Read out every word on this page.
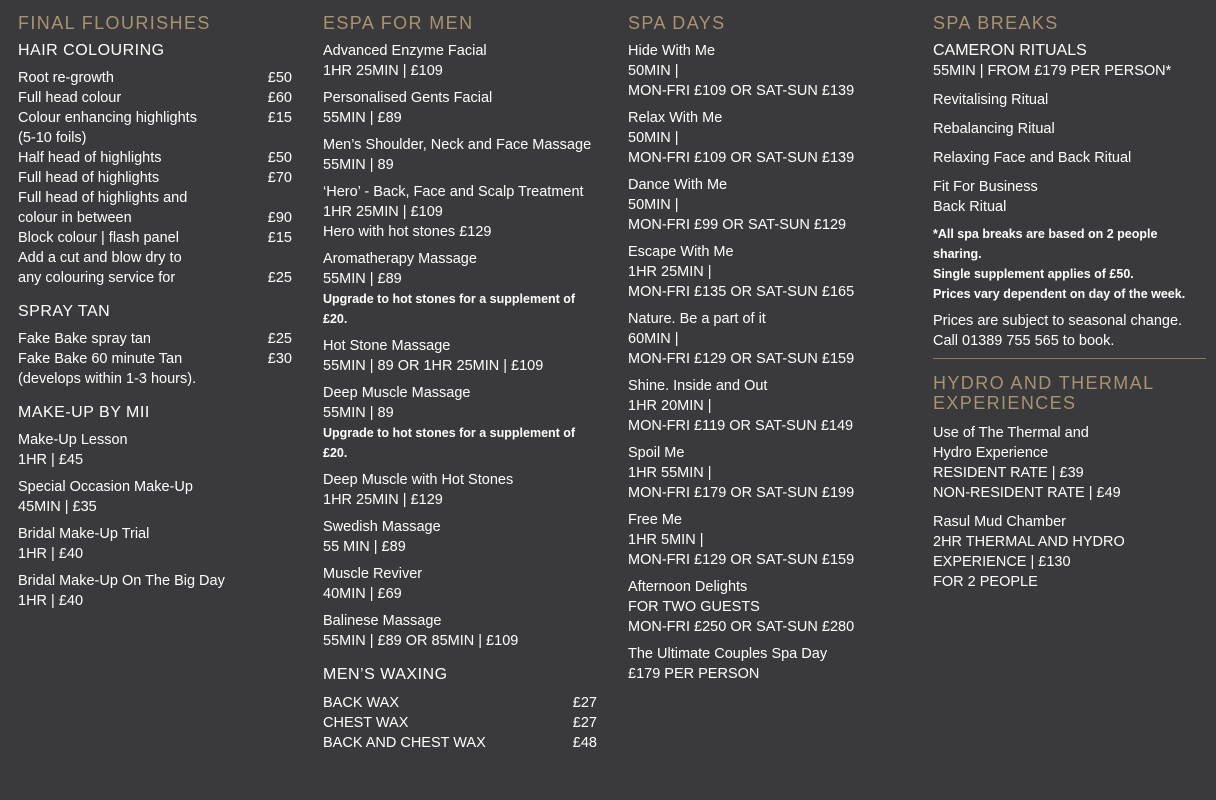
FINAL FLOURISHES
HAIR COLOURING
Root re-growth	£50
Full head colour	£60
Colour enhancing highlights	£15
(5-10 foils)
Half head of highlights	£50
Full head of highlights	£70
Full head of highlights and
colour in between	£90
Block colour | flash panel	£15
Add a cut and blow dry to
any colouring service for	£25
SPRAY TAN
Fake Bake spray tan	£25
Fake Bake 60 minute Tan	£30
(develops within 1-3 hours).
MAKE-UP BY MII
Make-Up Lesson
1HR | £45
Special Occasion Make-Up
45MIN | £35
Bridal Make-Up Trial
1HR | £40
Bridal Make-Up On The Big Day
1HR | £40
ESPA FOR MEN
Advanced Enzyme Facial
1HR 25MIN | £109
Personalised Gents Facial
55MIN | £89
Men’s Shoulder, Neck and Face Massage
55MIN | 89
‘Hero’ - Back, Face and Scalp Treatment
1HR 25MIN | £109
Hero with hot stones £129
Aromatherapy Massage
55MIN | £89
Upgrade to hot stones for a supplement of £20.
Hot Stone Massage
55MIN | 89 OR 1HR 25MIN | £109
Deep Muscle Massage
55MIN | 89
Upgrade to hot stones for a supplement of £20.
Deep Muscle with Hot Stones
1HR 25MIN | £129
Swedish Massage
55 MIN | £89
Muscle Reviver
40MIN | £69
Balinese Massage
55MIN | £89 OR 85MIN | £109
MEN’S WAXING
BACK WAX	£27
CHEST WAX	£27
BACK AND CHEST WAX	£48
SPA DAYS
Hide With Me
50MIN |
MON-FRI £109 OR SAT-SUN £139
Relax With Me
50MIN |
MON-FRI £109 OR SAT-SUN £139
Dance With Me
50MIN |
MON-FRI £99 OR SAT-SUN £129
Escape With Me
1HR 25MIN |
MON-FRI £135 OR SAT-SUN £165
Nature. Be a part of it
60MIN |
MON-FRI £129 OR SAT-SUN £159
Shine. Inside and Out
1HR 20MIN |
MON-FRI £119 OR SAT-SUN £149
Spoil Me
1HR 55MIN |
MON-FRI £179 OR SAT-SUN £199
Free Me
1HR 5MIN |
MON-FRI £129 OR SAT-SUN £159
Afternoon Delights
FOR TWO GUESTS
MON-FRI £250 OR SAT-SUN £280
The Ultimate Couples Spa Day
£179 PER PERSON
SPA BREAKS
CAMERON RITUALS
55MIN | FROM £179 PER PERSON*
Revitalising Ritual
Rebalancing Ritual
Relaxing Face and Back Ritual
Fit For Business
Back Ritual
*All spa breaks are based on 2 people sharing.
Single supplement applies of £50.
Prices vary dependent on day of the week.
Prices are subject to seasonal change.
Call 01389 755 565 to book.
HYDRO AND THERMAL
EXPERIENCES
Use of The Thermal and
Hydro Experience
RESIDENT RATE | £39
NON-RESIDENT RATE | £49
Rasul Mud Chamber
2HR THERMAL AND HYDRO
EXPERIENCE | £130
FOR 2 PEOPLE
